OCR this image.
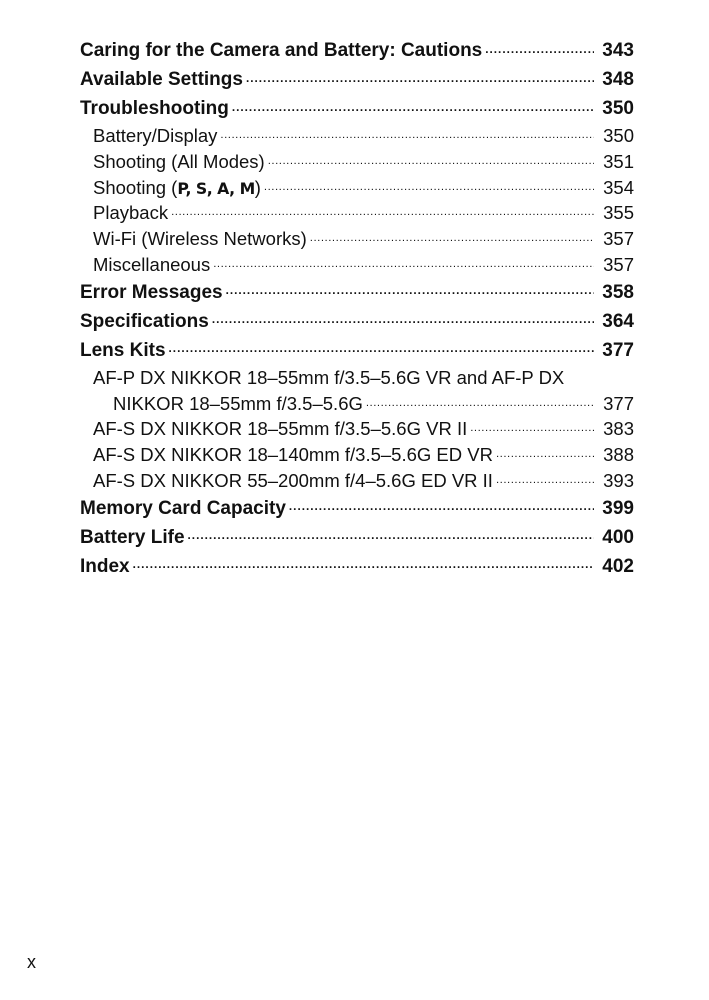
Caring for the Camera and Battery: Cautions .....	343
Available Settings .....	348
Troubleshooting .....	350
Battery/Display .....	350
Shooting (All Modes) .....	351
Shooting (P, S, A, M) .....	354
Playback .....	355
Wi-Fi (Wireless Networks) .....	357
Miscellaneous .....	357
Error Messages .....	358
Specifications .....	364
Lens Kits .....	377
AF-P DX NIKKOR 18–55mm f/3.5–5.6G VR and AF-P DX
NIKKOR 18–55mm f/3.5–5.6G .....	377
AF-S DX NIKKOR 18–55mm f/3.5–5.6G VR II .....	383
AF-S DX NIKKOR 18–140mm f/3.5–5.6G ED VR .....	388
AF-S DX NIKKOR 55–200mm f/4–5.6G ED VR II .....	393
Memory Card Capacity .....	399
Battery Life .....	400
Index .....	402
x
